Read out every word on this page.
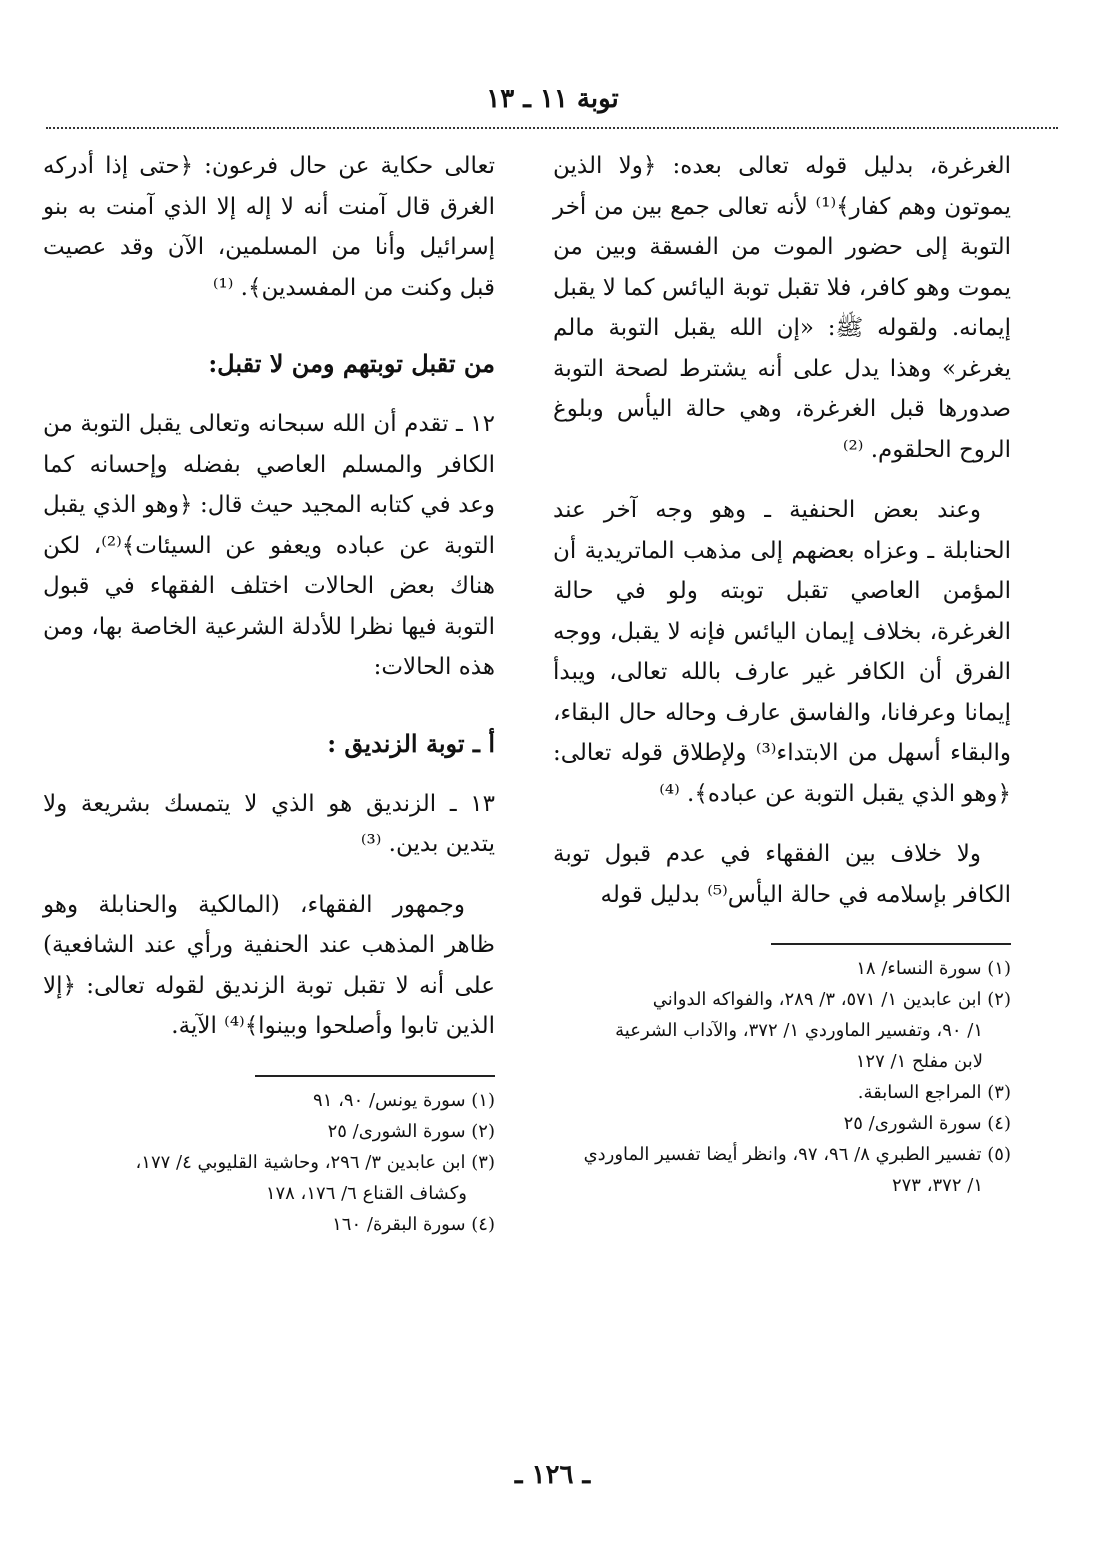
توبة ١١ ـ ١٣

الغرغرة، بدليل قوله تعالى بعده: ﴿ولا الذين يموتون وهم كفار﴾⁽¹⁾ لأنه تعالى جمع بين من أخر التوبة إلى حضور الموت من الفسقة وبين من يموت وهو كافر، فلا تقبل توبة اليائس كما لا يقبل إيمانه. ولقوله ﷺ: «إن الله يقبل التوبة مالم يغرغر» وهذا يدل على أنه يشترط لصحة التوبة صدورها قبل الغرغرة، وهي حالة اليأس وبلوغ الروح الحلقوم. ⁽²⁾

وعند بعض الحنفية ـ وهو وجه آخر عند الحنابلة ـ وعزاه بعضهم إلى مذهب الماتريدية أن المؤمن العاصي تقبل توبته ولو في حالة الغرغرة، بخلاف إيمان اليائس فإنه لا يقبل، ووجه الفرق أن الكافر غير عارف بالله تعالى، ويبدأ إيمانا وعرفانا، والفاسق عارف وحاله حال البقاء، والبقاء أسهل من الابتداء⁽³⁾ ولإطلاق قوله تعالى: ﴿وهو الذي يقبل التوبة عن عباده﴾. ⁽⁴⁾

ولا خلاف بين الفقهاء في عدم قبول توبة الكافر بإسلامه في حالة اليأس⁽⁵⁾ بدليل قوله

(١) سورة النساء/ ١٨

(٢) ابن عابدين ١/ ٥٧١، ٣/ ٢٨٩، والفواكه الدواني

١/ ٩٠، وتفسير الماوردي ١/ ٣٧٢، والآداب الشرعية

لابن مفلح ١/ ١٢٧

(٣) المراجع السابقة.

(٤) سورة الشورى/ ٢٥

(٥) تفسير الطبري ٨/ ٩٦، ٩٧، وانظر أيضا تفسير الماوردي

١/ ٣٧٢، ٢٧٣

تعالى حكاية عن حال فرعون: ﴿حتى إذا أدركه الغرق قال آمنت أنه لا إله إلا الذي آمنت به بنو إسرائيل وأنا من المسلمين، الآن وقد عصيت قبل وكنت من المفسدين﴾. ⁽¹⁾

من تقبل توبتهم ومن لا تقبل:

١٢ ـ تقدم أن الله سبحانه وتعالى يقبل التوبة من الكافر والمسلم العاصي بفضله وإحسانه كما وعد في كتابه المجيد حيث قال: ﴿وهو الذي يقبل التوبة عن عباده ويعفو عن السيئات﴾⁽²⁾، لكن هناك بعض الحالات اختلف الفقهاء في قبول التوبة فيها نظرا للأدلة الشرعية الخاصة بها، ومن هذه الحالات:

أ ـ توبة الزنديق :

١٣ ـ الزنديق هو الذي لا يتمسك بشريعة ولا يتدين بدين. ⁽³⁾

وجمهور الفقهاء، (المالكية والحنابلة وهو ظاهر المذهب عند الحنفية ورأي عند الشافعية) على أنه لا تقبل توبة الزنديق لقوله تعالى: ﴿إلا الذين تابوا وأصلحوا وبينوا﴾⁽⁴⁾ الآية.

(١) سورة يونس/ ٩٠، ٩١

(٢) سورة الشورى/ ٢٥

(٣) ابن عابدين ٣/ ٢٩٦، وحاشية القليوبي ٤/ ١٧٧،

وكشاف القناع ٦/ ١٧٦، ١٧٨

(٤) سورة البقرة/ ١٦٠

ـ ١٢٦ ـ
